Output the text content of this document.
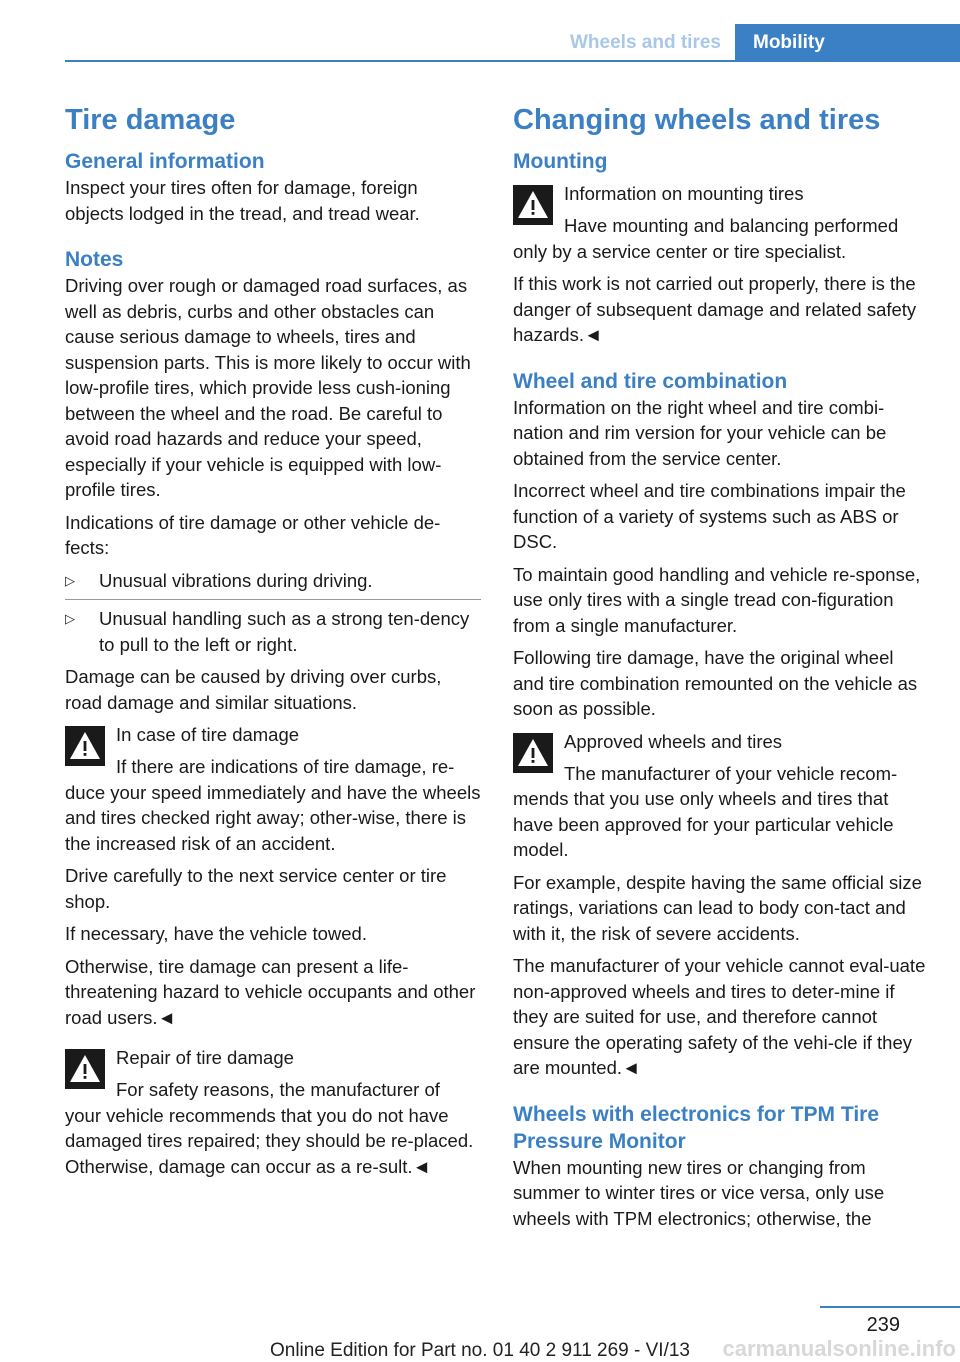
Wheels and tires	Mobility
Tire damage
General information

Inspect your tires often for damage, foreign objects lodged in the tread, and tread wear.

Notes

Driving over rough or damaged road surfaces, as well as debris, curbs and other obstacles can cause serious damage to wheels, tires and suspension parts. This is more likely to occur with low-profile tires, which provide less cush-ioning between the wheel and the road. Be careful to avoid road hazards and reduce your speed, especially if your vehicle is equipped with low-profile tires.

Indications of tire damage or other vehicle de-fects:

▷ Unusual vibrations during driving.
▷ Unusual handling such as a strong ten-dency to pull to the left or right.

Damage can be caused by driving over curbs, road damage and similar situations.

In case of tire damage
If there are indications of tire damage, re-duce your speed immediately and have the wheels and tires checked right away; other-wise, there is the increased risk of an accident.

Drive carefully to the next service center or tire shop.

If necessary, have the vehicle towed.

Otherwise, tire damage can present a life-threatening hazard to vehicle occupants and other road users.◄

Repair of tire damage
For safety reasons, the manufacturer of your vehicle recommends that you do not have damaged tires repaired; they should be re-placed. Otherwise, damage can occur as a re-sult.◄
Changing wheels and tires
Mounting
Information on mounting tires
Have mounting and balancing performed only by a service center or tire specialist.

If this work is not carried out properly, there is the danger of subsequent damage and related safety hazards.◄

Wheel and tire combination

Information on the right wheel and tire combi-nation and rim version for your vehicle can be obtained from the service center.

Incorrect wheel and tire combinations impair the function of a variety of systems such as ABS or DSC.

To maintain good handling and vehicle re-sponse, use only tires with a single tread con-figuration from a single manufacturer.

Following tire damage, have the original wheel and tire combination remounted on the vehicle as soon as possible.

Approved wheels and tires
The manufacturer of your vehicle recom-mends that you use only wheels and tires that have been approved for your particular vehicle model.

For example, despite having the same official size ratings, variations can lead to body con-tact and with it, the risk of severe accidents.

The manufacturer of your vehicle cannot eval-uate non-approved wheels and tires to deter-mine if they are suited for use, and therefore cannot ensure the operating safety of the vehi-cle if they are mounted.◄

Wheels with electronics for TPM Tire Pressure Monitor

When mounting new tires or changing from summer to winter tires or vice versa, only use wheels with TPM electronics; otherwise, the

239
Online Edition for Part no. 01 40 2 911 269 - VI/13	carmanualsonline.info
